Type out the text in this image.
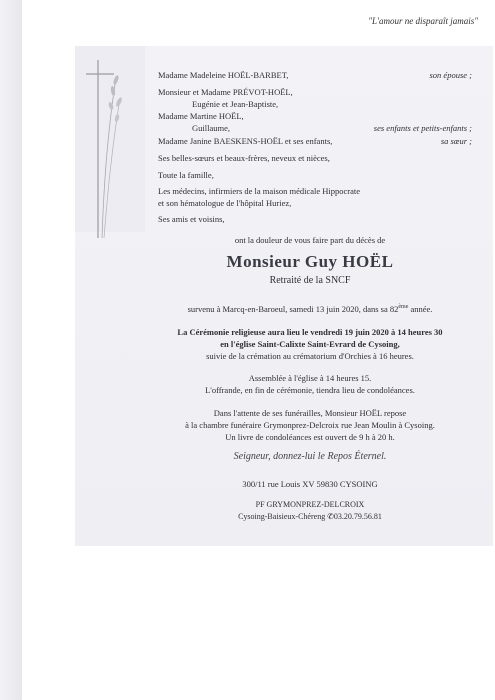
"L'amour ne disparaît jamais"
Madame Madeleine HOËL-BARBET,	son épouse ;
Monsieur et Madame PRÉVOT-HOËL,
Eugénie et Jean-Baptiste,
Madame Martine HOËL,
Guillaume,	ses enfants et petits-enfants ;
Madame Janine BAESKENS-HOËL et ses enfants,	sa sœur ;
Ses belles-sœurs et beaux-frères, neveux et nièces,
Toute la famille,
Les médecins, infirmiers de la maison médicale Hippocrate
et son hématologue de l'hôpital Huriez,
Ses amis et voisins,
ont la douleur de vous faire part du décès de
Monsieur Guy HOËL
Retraité de la SNCF
survenu à Marcq-en-Baroeul, samedi 13 juin 2020, dans sa 82ème année.
La Cérémonie religieuse aura lieu le vendredi 19 juin 2020 à 14 heures 30
en l'église Saint-Calixte Saint-Evrard de Cysoing,
suivie de la crémation au crématorium d'Orchies à 16 heures.
Assemblée à l'église à 14 heures 15.
L'offrande, en fin de cérémonie, tiendra lieu de condoléances.
Dans l'attente de ses funérailles, Monsieur HOËL repose
à la chambre funéraire Grymonprez-Delcroix rue Jean Moulin à Cysoing.
Un livre de condoléances est ouvert de 9 h à 20 h.
Seigneur, donnez-lui le Repos Éternel.
300/11 rue Louis XV 59830 CYSOING
PF GRYMONPREZ-DELCROIX
Cysoing-Baisieux-Chéreng ✆03.20.79.56.81
